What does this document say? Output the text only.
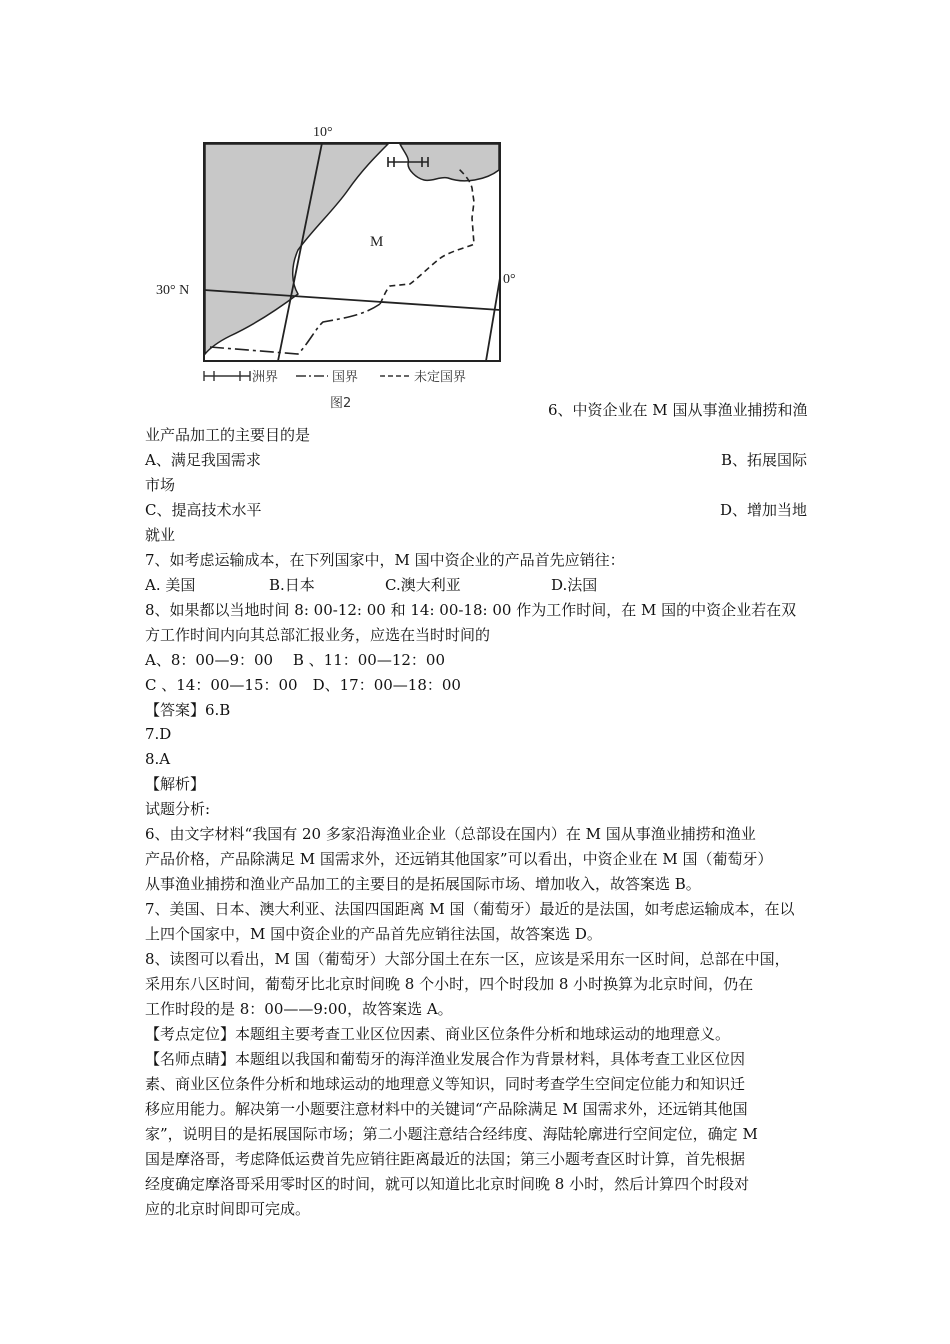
10°
0°
30° N
M
洲界	国界	未定国界
图2	6、中资企业在 M 国从事渔业捕捞和渔
业产品加工的主要目的是
A、满足我国需求	B、拓展国际
市场
C、提高技术水平	D、增加当地
就业
7、如考虑运输成本，在下列国家中，M 国中资企业的产品首先应销往：
A. 美国	B.日本	C.澳大利亚	D.法国
8、如果都以当地时间 8: 00-12: 00 和 14: 00-18: 00 作为工作时间，在 M 国的中资企业若在双
方工作时间内向其总部汇报业务，应选在当时时间的
A、8：00—9：00　 B 、11：00—12：00
C 、14：00—15：00　D、17：00—18：00
【答案】6.B
7.D
8.A
【解析】
试题分析:
6、由文字材料“我国有 20 多家沿海渔业企业（总部设在国内）在 M 国从事渔业捕捞和渔业
产品价格，产品除满足 M 国需求外，还远销其他国家”可以看出，中资企业在 M 国（葡萄牙）
从事渔业捕捞和渔业产品加工的主要目的是拓展国际市场、增加收入，故答案选 B。
7、美国、日本、澳大利亚、法国四国距离 M 国（葡萄牙）最近的是法国，如考虑运输成本，在以
上四个国家中，M 国中资企业的产品首先应销往法国，故答案选 D。
8、读图可以看出，M 国（葡萄牙）大部分国土在东一区，应该是采用东一区时间，总部在中国，
采用东八区时间，葡萄牙比北京时间晚 8 个小时，四个时段加 8 小时换算为北京时间，仍在
工作时段的是 8：00——9:00，故答案选 A。
【考点定位】本题组主要考查工业区位因素、商业区位条件分析和地球运动的地理意义。
【名师点睛】本题组以我国和葡萄牙的海洋渔业发展合作为背景材料，具体考查工业区位因
素、商业区位条件分析和地球运动的地理意义等知识，同时考查学生空间定位能力和知识迁
移应用能力。解决第一小题要注意材料中的关键词“产品除满足 M 国需求外，还远销其他国
家”，说明目的是拓展国际市场；第二小题注意结合经纬度、海陆轮廓进行空间定位，确定 M
国是摩洛哥，考虑降低运费首先应销往距离最近的法国；第三小题考查区时计算，首先根据
经度确定摩洛哥采用零时区的时间，就可以知道比北京时间晚 8 小时，然后计算四个时段对
应的北京时间即可完成。
